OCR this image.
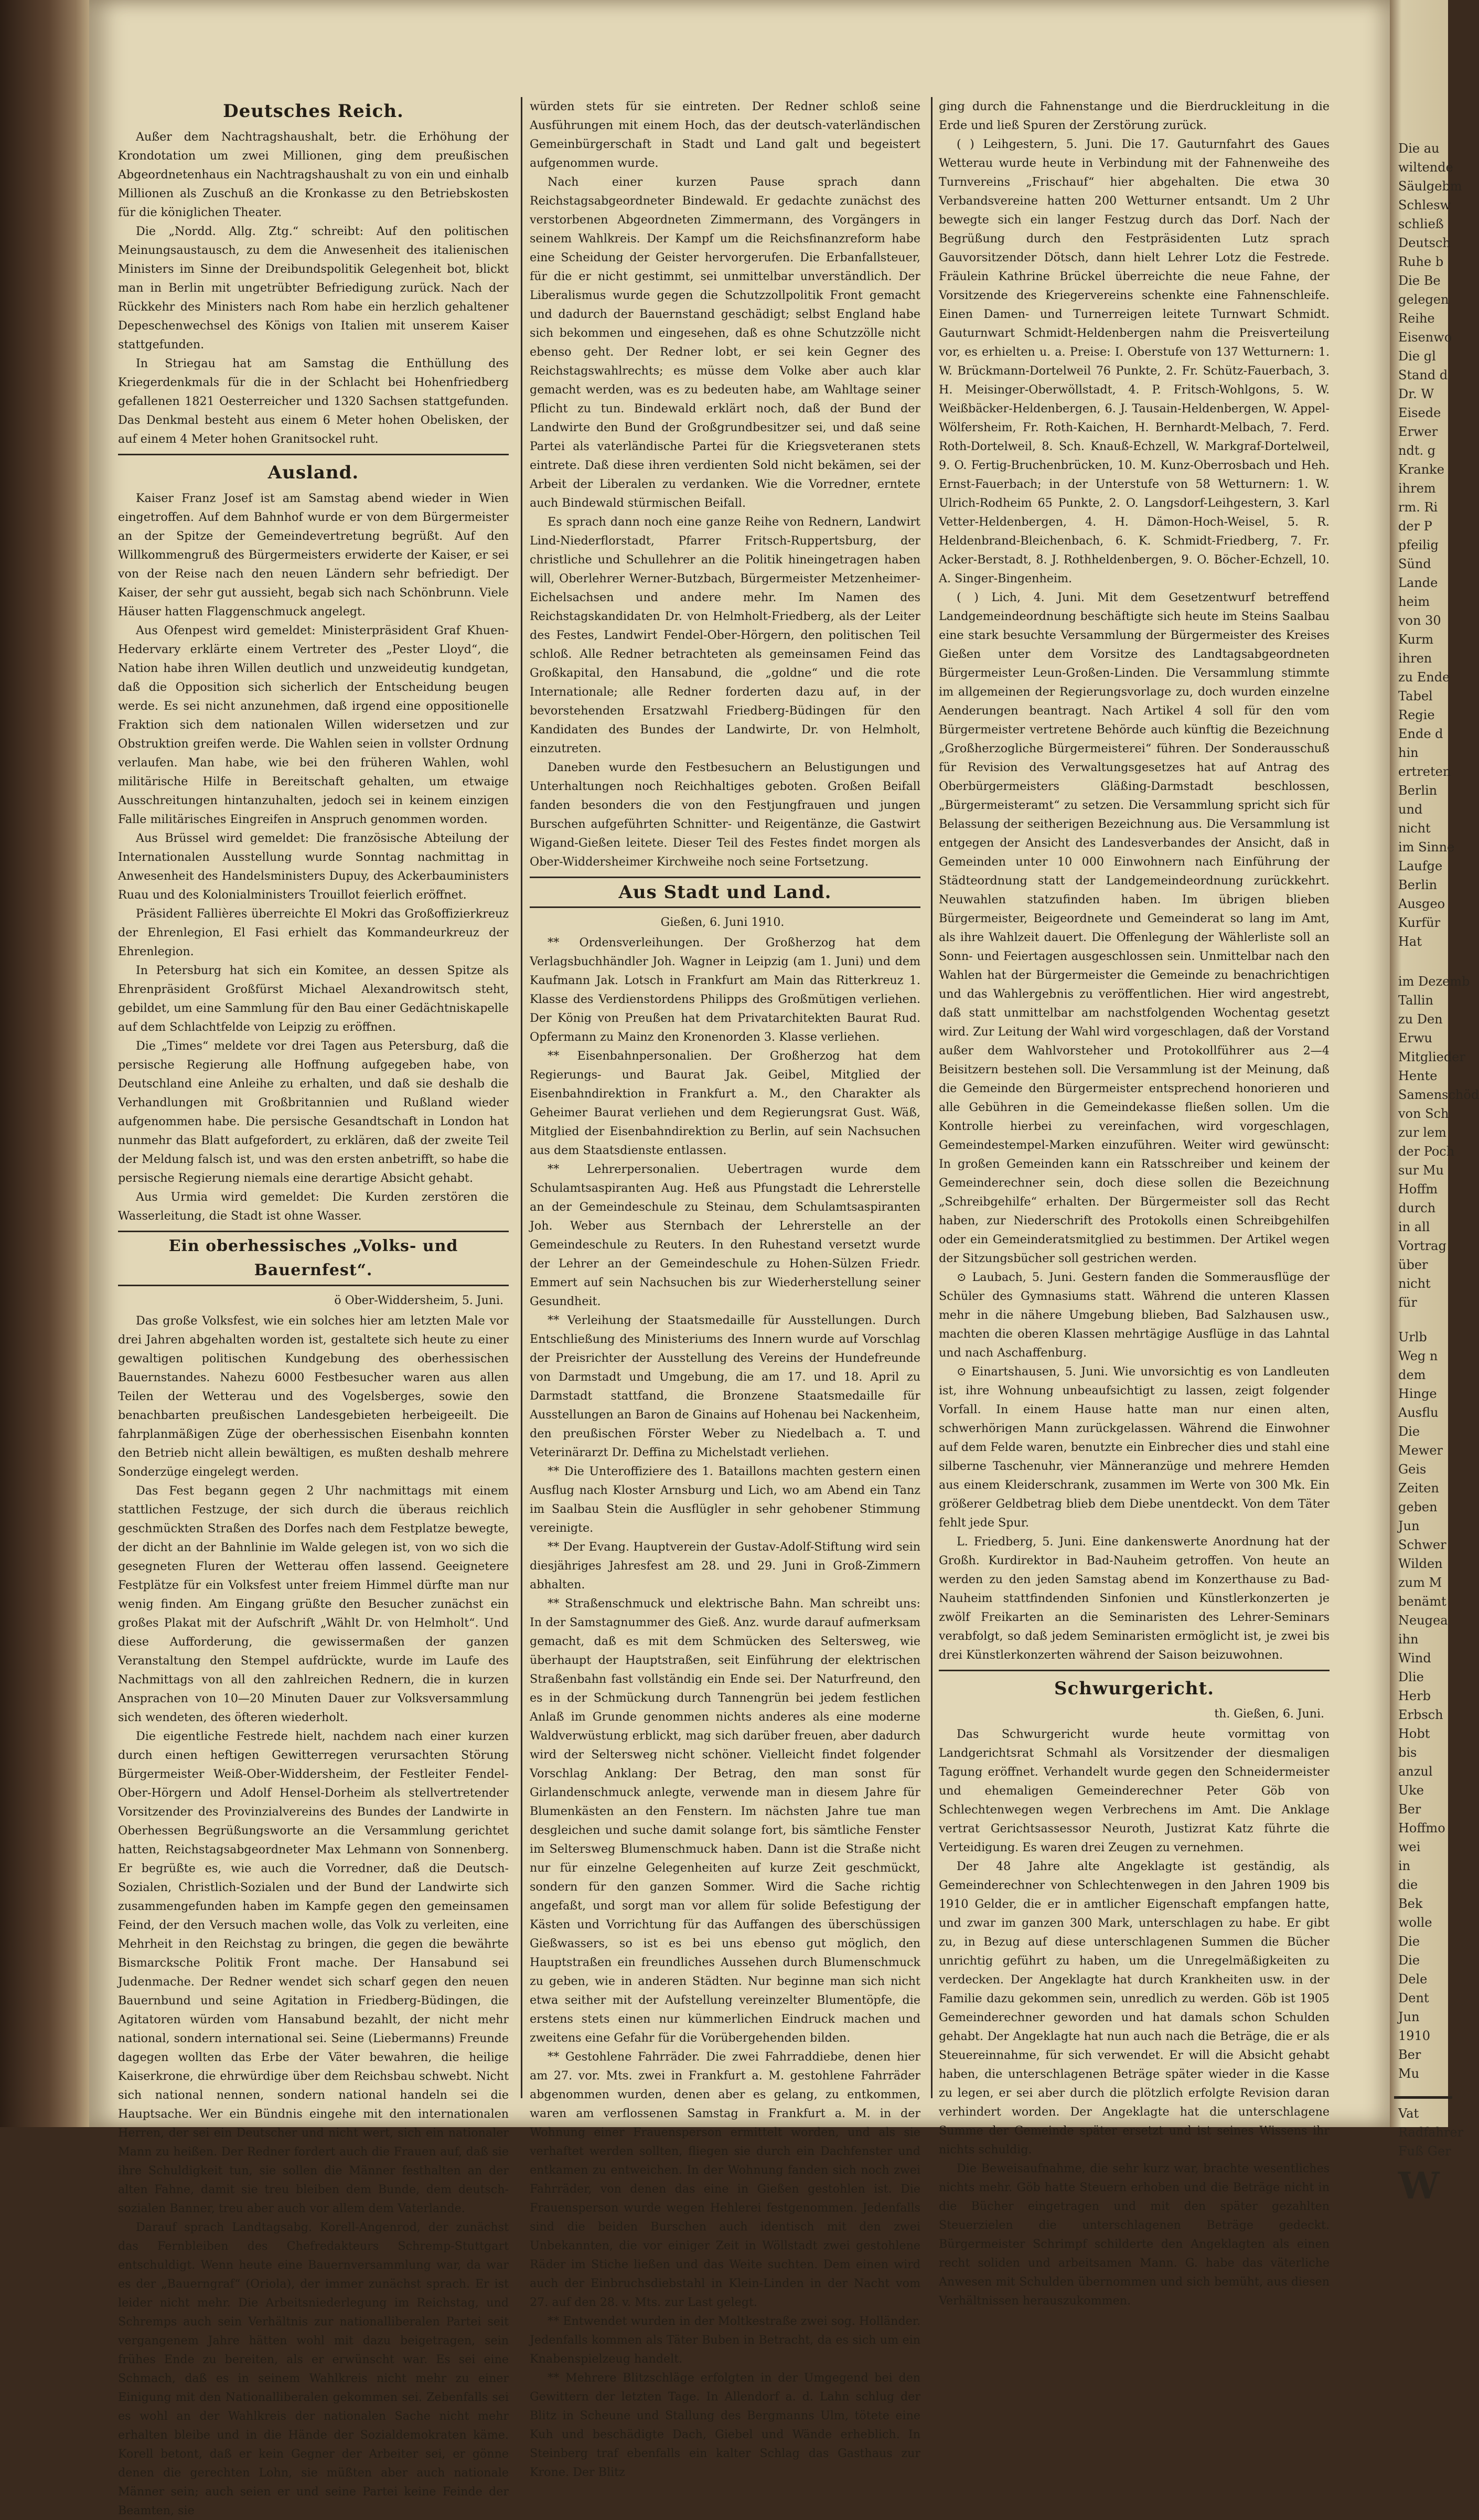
Deutsches Reich.

Außer dem Nachtragshaushalt, betr. die Erhöhung der Krondotation um zwei Millionen, ging dem preußischen Abgeordnetenhaus ein Nachtragshaushalt zu von ein und einhalb Millionen als Zuschuß an die Kronkasse zu den Betriebskosten für die königlichen Theater.

Die „Nordd. Allg. Ztg.“ schreibt: Auf den politischen Meinungsaustausch, zu dem die Anwesenheit des italienischen Ministers im Sinne der Dreibundspolitik Gelegenheit bot, blickt man in Berlin mit ungetrübter Befriedigung zurück. Nach der Rückkehr des Ministers nach Rom habe ein herzlich gehaltener Depeschenwechsel des Königs von Italien mit unserem Kaiser stattgefunden.

In Striegau hat am Samstag die Enthüllung des Kriegerdenkmals für die in der Schlacht bei Hohenfriedberg gefallenen 1821 Oesterreicher und 1320 Sachsen stattgefunden. Das Denkmal besteht aus einem 6 Meter hohen Obelisken, der auf einem 4 Meter hohen Granitsockel ruht.

Ausland.

Kaiser Franz Josef ist am Samstag abend wieder in Wien eingetroffen. Auf dem Bahnhof wurde er von dem Bürgermeister an der Spitze der Gemeindevertretung begrüßt. Auf den Willkommengruß des Bürgermeisters erwiderte der Kaiser, er sei von der Reise nach den neuen Ländern sehr befriedigt. Der Kaiser, der sehr gut aussieht, begab sich nach Schönbrunn. Viele Häuser hatten Flaggenschmuck angelegt.

Aus Ofenpest wird gemeldet: Ministerpräsident Graf Khuen-Hedervary erklärte einem Vertreter des „Pester Lloyd“, die Nation habe ihren Willen deutlich und unzweideutig kundgetan, daß die Opposition sich sicherlich der Entscheidung beugen werde. Es sei nicht anzunehmen, daß irgend eine oppositionelle Fraktion sich dem nationalen Willen widersetzen und zur Obstruktion greifen werde. Die Wahlen seien in vollster Ordnung verlaufen. Man habe, wie bei den früheren Wahlen, wohl militärische Hilfe in Bereitschaft gehalten, um etwaige Ausschreitungen hintanzuhalten, jedoch sei in keinem einzigen Falle militärisches Eingreifen in Anspruch genommen worden.

Aus Brüssel wird gemeldet: Die französische Abteilung der Internationalen Ausstellung wurde Sonntag nachmittag in Anwesenheit des Handelsministers Dupuy, des Ackerbauministers Ruau und des Kolonialministers Trouillot feierlich eröffnet.

Präsident Fallières überreichte El Mokri das Großoffizierkreuz der Ehrenlegion, El Fasi erhielt das Kommandeurkreuz der Ehrenlegion.

In Petersburg hat sich ein Komitee, an dessen Spitze als Ehrenpräsident Großfürst Michael Alexandrowitsch steht, gebildet, um eine Sammlung für den Bau einer Gedächtniskapelle auf dem Schlachtfelde von Leipzig zu eröffnen.

Die „Times“ meldete vor drei Tagen aus Petersburg, daß die persische Regierung alle Hoffnung aufgegeben habe, von Deutschland eine Anleihe zu erhalten, und daß sie deshalb die Verhandlungen mit Großbritannien und Rußland wieder aufgenommen habe. Die persische Gesandtschaft in London hat nunmehr das Blatt aufgefordert, zu erklären, daß der zweite Teil der Meldung falsch ist, und was den ersten anbetrifft, so habe die persische Regierung niemals eine derartige Absicht gehabt.

Aus Urmia wird gemeldet: Die Kurden zerstören die Wasserleitung, die Stadt ist ohne Wasser.

Ein oberhessisches „Volks- und Bauernfest“.
ö Ober-Widdersheim, 5. Juni.

Das große Volksfest, wie ein solches hier am letzten Male vor drei Jahren abgehalten worden ist, gestaltete sich heute zu einer gewaltigen politischen Kundgebung des oberhessischen Bauernstandes. Nahezu 6000 Festbesucher waren aus allen Teilen der Wetterau und des Vogelsberges, sowie den benachbarten preußischen Landesgebieten herbeigeeilt. Die fahrplanmäßigen Züge der oberhessischen Eisenbahn konnten den Betrieb nicht allein bewältigen, es mußten deshalb mehrere Sonderzüge eingelegt werden.

Das Fest begann gegen 2 Uhr nachmittags mit einem stattlichen Festzuge, der sich durch die überaus reichlich geschmückten Straßen des Dorfes nach dem Festplatze bewegte, der dicht an der Bahnlinie im Walde gelegen ist, von wo sich die gesegneten Fluren der Wetterau offen lassend. Geeignetere Festplätze für ein Volksfest unter freiem Himmel dürfte man nur wenig finden. Am Eingang grüßte den Besucher zunächst ein großes Plakat mit der Aufschrift „Wählt Dr. von Helmholt“. Und diese Aufforderung, die gewissermaßen der ganzen Veranstaltung den Stempel aufdrückte, wurde im Laufe des Nachmittags von all den zahlreichen Rednern, die in kurzen Ansprachen von 10—20 Minuten Dauer zur Volksversammlung sich wendeten, des öfteren wiederholt.

Die eigentliche Festrede hielt, nachdem nach einer kurzen durch einen heftigen Gewitterregen verursachten Störung Bürgermeister Weiß-Ober-Widdersheim, der Festleiter Fendel-Ober-Hörgern und Adolf Hensel-Dorheim als stellvertretender Vorsitzender des Provinzialvereins des Bundes der Landwirte in Oberhessen Begrüßungsworte an die Versammlung gerichtet hatten, Reichstagsabgeordneter Max Lehmann von Sonnenberg. Er begrüßte es, wie auch die Vorredner, daß die Deutsch-Sozialen, Christlich-Sozialen und der Bund der Landwirte sich zusammengefunden haben im Kampfe gegen den gemeinsamen Feind, der den Versuch machen wolle, das Volk zu verleiten, eine Mehrheit in den Reichstag zu bringen, die gegen die bewährte Bismarcksche Politik Front mache. Der Hansabund sei Judenmache. Der Redner wendet sich scharf gegen den neuen Bauernbund und seine Agitation in Friedberg-Büdingen, die Agitatoren würden vom Hansabund bezahlt, der nicht mehr national, sondern international sei. Seine (Liebermanns) Freunde dagegen wollten das Erbe der Väter bewahren, die heilige Kaiserkrone, die ehrwürdige über dem Reichsbau schwebt. Nicht sich national nennen, sondern national handeln sei die Hauptsache. Wer ein Bündnis eingehe mit den internationalen Herren, der sei ein Deutscher und nicht wert, sich ein nationaler Mann zu heißen. Der Redner fordert auch die Frauen auf, daß sie ihre Schuldigkeit tun, sie sollen die Männer festhalten an der alten Fahne, damit sie treu bleiben dem Bunde, dem deutsch-sozialen Banner, treu aber auch vor allem dem Vaterlande.

Darauf sprach Landtagsabg. Korell-Angenrod, der zunächst das Fernbleiben des Chefredakteurs Schremp-Stuttgart entschuldigt. Wenn heute eine Bauernversammlung war, da war es der „Bauerngraf“ (Oriola), der immer zunächst sprach. Er ist leider nicht mehr. Die Arbeitsniederlegung im Reichstag, und Schremps auch sein Verhältnis zur nationalliberalen Partei seit vergangenem Jahre hätten wohl mit dazu beigetragen, sein frühes Ende zu bereiten, als er erwünscht war. Es sei eine Schmach, daß es in seinem Wahlkreis nicht mehr zu einer Einigung mit den Nationalliberalen gekommen sei. Zebenfalls sei es wohl an der Wahlkreis der nationalen Sache nicht mehr erhalten bleibe und in die Hände der Sozialdemokraten käme. Korell betont, daß er kein Gegner der Arbeiter sei, er gönne denen die gerechten Lohn, sie müßten aber auch nationale Männer sein; auch seien er und seine Partei keine Feinde der Beamten, sie

würden stets für sie eintreten. Der Redner schloß seine Ausführungen mit einem Hoch, das der deutsch-vaterländischen Gemeinbürgerschaft in Stadt und Land galt und begeistert aufgenommen wurde.

Nach einer kurzen Pause sprach dann Reichstagsabgeordneter Bindewald. Er gedachte zunächst des verstorbenen Abgeordneten Zimmermann, des Vorgängers in seinem Wahlkreis. Der Kampf um die Reichsfinanzreform habe eine Scheidung der Geister hervorgerufen. Die Erbanfallsteuer, für die er nicht gestimmt, sei unmittelbar unverständlich. Der Liberalismus wurde gegen die Schutzzollpolitik Front gemacht und dadurch der Bauernstand geschädigt; selbst England habe sich bekommen und eingesehen, daß es ohne Schutzzölle nicht ebenso geht. Der Redner lobt, er sei kein Gegner des Reichstagswahlrechts; es müsse dem Volke aber auch klar gemacht werden, was es zu bedeuten habe, am Wahltage seiner Pflicht zu tun. Bindewald erklärt noch, daß der Bund der Landwirte den Bund der Großgrundbesitzer sei, und daß seine Partei als vaterländische Partei für die Kriegsveteranen stets eintrete. Daß diese ihren verdienten Sold nicht bekämen, sei der Arbeit der Liberalen zu verdanken. Wie die Vorredner, erntete auch Bindewald stürmischen Beifall.

Es sprach dann noch eine ganze Reihe von Rednern, Landwirt Lind-Niederflorstadt, Pfarrer Fritsch-Ruppertsburg, der christliche und Schullehrer an die Politik hineingetragen haben will, Oberlehrer Werner-Butzbach, Bürgermeister Metzenheimer-Eichelsachsen und andere mehr. Im Namen des Reichstagskandidaten Dr. von Helmholt-Friedberg, als der Leiter des Festes, Landwirt Fendel-Ober-Hörgern, den politischen Teil schloß. Alle Redner betrachteten als gemeinsamen Feind das Großkapital, den Hansabund, die „goldne“ und die rote Internationale; alle Redner forderten dazu auf, in der bevorstehenden Ersatzwahl Friedberg-Büdingen für den Kandidaten des Bundes der Landwirte, Dr. von Helmholt, einzutreten.

Daneben wurde den Festbesuchern an Belustigungen und Unterhaltungen noch Reichhaltiges geboten. Großen Beifall fanden besonders die von den Festjungfrauen und jungen Burschen aufgeführten Schnitter- und Reigentänze, die Gastwirt Wigand-Gießen leitete. Dieser Teil des Festes findet morgen als Ober-Widdersheimer Kirchweihe noch seine Fortsetzung.

Aus Stadt und Land.
Gießen, 6. Juni 1910.

** Ordensverleihungen. Der Großherzog hat dem Verlagsbuchhändler Joh. Wagner in Leipzig (am 1. Juni) und dem Kaufmann Jak. Lotsch in Frankfurt am Main das Ritterkreuz 1. Klasse des Verdienstordens Philipps des Großmütigen verliehen. Der König von Preußen hat dem Privatarchitekten Baurat Rud. Opfermann zu Mainz den Kronenorden 3. Klasse verliehen.

** Eisenbahnpersonalien. Der Großherzog hat dem Regierungs- und Baurat Jak. Geibel, Mitglied der Eisenbahndirektion in Frankfurt a. M., den Charakter als Geheimer Baurat verliehen und dem Regierungsrat Gust. Wäß, Mitglied der Eisenbahndirektion zu Berlin, auf sein Nachsuchen aus dem Staatsdienste entlassen.

** Lehrerpersonalien. Uebertragen wurde dem Schulamtsaspiranten Aug. Heß aus Pfungstadt die Lehrerstelle an der Gemeindeschule zu Steinau, dem Schulamtsaspiranten Joh. Weber aus Sternbach der Lehrerstelle an der Gemeindeschule zu Reuters. In den Ruhestand versetzt wurde der Lehrer an der Gemeindeschule zu Hohen-Sülzen Friedr. Emmert auf sein Nachsuchen bis zur Wiederherstellung seiner Gesundheit.

** Verleihung der Staatsmedaille für Ausstellungen. Durch Entschließung des Ministeriums des Innern wurde auf Vorschlag der Preisrichter der Ausstellung des Vereins der Hundefreunde von Darmstadt und Umgebung, die am 17. und 18. April zu Darmstadt stattfand, die Bronzene Staatsmedaille für Ausstellungen an Baron de Ginains auf Hohenau bei Nackenheim, den preußischen Förster Weber zu Niedelbach a. T. und Veterinärarzt Dr. Deffina zu Michelstadt verliehen.

** Die Unteroffiziere des 1. Bataillons machten gestern einen Ausflug nach Kloster Arnsburg und Lich, wo am Abend ein Tanz im Saalbau Stein die Ausflügler in sehr gehobener Stimmung vereinigte.

** Der Evang. Hauptverein der Gustav-Adolf-Stiftung wird sein diesjähriges Jahresfest am 28. und 29. Juni in Groß-Zimmern abhalten.

** Straßenschmuck und elektrische Bahn. Man schreibt uns: In der Samstagnummer des Gieß. Anz. wurde darauf aufmerksam gemacht, daß es mit dem Schmücken des Seltersweg, wie überhaupt der Hauptstraßen, seit Einführung der elektrischen Straßenbahn fast vollständig ein Ende sei. Der Naturfreund, den es in der Schmückung durch Tannengrün bei jedem festlichen Anlaß im Grunde genommen nichts anderes als eine moderne Waldverwüstung erblickt, mag sich darüber freuen, aber dadurch wird der Seltersweg nicht schöner. Vielleicht findet folgender Vorschlag Anklang: Der Betrag, den man sonst für Girlandenschmuck anlegte, verwende man in diesem Jahre für Blumenkästen an den Fenstern. Im nächsten Jahre tue man desgleichen und suche damit solange fort, bis sämtliche Fenster im Seltersweg Blumenschmuck haben. Dann ist die Straße nicht nur für einzelne Gelegenheiten auf kurze Zeit geschmückt, sondern für den ganzen Sommer. Wird die Sache richtig angefaßt, und sorgt man vor allem für solide Befestigung der Kästen und Vorrichtung für das Auffangen des überschüssigen Gießwassers, so ist es bei uns ebenso gut möglich, den Hauptstraßen ein freundliches Aussehen durch Blumenschmuck zu geben, wie in anderen Städten. Nur beginne man sich nicht etwa seither mit der Aufstellung vereinzelter Blumentöpfe, die erstens stets einen nur kümmerlichen Eindruck machen und zweitens eine Gefahr für die Vorübergehenden bilden.

** Gestohlene Fahrräder. Die zwei Fahrraddiebe, denen hier am 27. vor. Mts. zwei in Frankfurt a. M. gestohlene Fahrräder abgenommen wurden, denen aber es gelang, zu entkommen, waren am verflossenen Samstag in Frankfurt a. M. in der Wohnung einer Frauensperson ermittelt worden, und als sie verhaftet werden sollten, fliegen sie durch ein Dachfenster und entkamen zu entweichen. In der Wohnung fanden sich noch zwei Fahrräder, von denen das eine in Gießen gestohlen ist. Die Frauensperson wurde wegen Hehlerei festgenommen. Jedenfalls sind die beiden Burschen auch identisch mit den zwei Unbekannten, die vor einiger Zeit in Wöllstadt zwei gestohlene Räder im Stiche ließen und das Weite suchten. Dem einen wird auch der Einbruchsdiebstahl in Klein-Linden in der Nacht vom 27. auf den 28. v. Mts. zur Last gelegt.

** Entwendet wurden in der Moltkestraße zwei sog. Holländer. Jedenfalls kommen als Täter Buben in Betracht, da es sich um ein Knabenspielzeug handelt.

** Mehrere Blitzschläge erfolgten in der Umgegend bei den Gewittern der letzten Tage. In Allendorf a. d. Lahn schlug der Blitz in Scheune und Stallung des Bergmanns Ulm, tötete eine Kuh und beschädigte Dach, Giebel und Wände erheblich. In Steinberg traf ebenfalls ein kalter Schlag das Gasthaus zur Krone. Der Blitz

ging durch die Fahnenstange und die Bierdruckleitung in die Erde und ließ Spuren der Zerstörung zurück.

( ) Leihgestern, 5. Juni. Die 17. Gauturnfahrt des Gaues Wetterau wurde heute in Verbindung mit der Fahnenweihe des Turnvereins „Frischauf“ hier abgehalten. Die etwa 30 Verbandsvereine hatten 200 Wetturner entsandt. Um 2 Uhr bewegte sich ein langer Festzug durch das Dorf. Nach der Begrüßung durch den Festpräsidenten Lutz sprach Gauvorsitzender Dötsch, dann hielt Lehrer Lotz die Festrede. Fräulein Kathrine Brückel überreichte die neue Fahne, der Vorsitzende des Kriegervereins schenkte eine Fahnenschleife. Einen Damen- und Turnerreigen leitete Turnwart Schmidt. Gauturnwart Schmidt-Heldenbergen nahm die Preisverteilung vor, es erhielten u. a. Preise: I. Oberstufe von 137 Wetturnern: 1. W. Brückmann-Dortelweil 76 Punkte, 2. Fr. Schütz-Fauerbach, 3. H. Meisinger-Oberwöllstadt, 4. P. Fritsch-Wohlgons, 5. W. Weißbäcker-Heldenbergen, 6. J. Tausain-Heldenbergen, W. Appel-Wölfersheim, Fr. Roth-Kaichen, H. Bernhardt-Melbach, 7. Ferd. Roth-Dortelweil, 8. Sch. Knauß-Echzell, W. Markgraf-Dortelweil, 9. O. Fertig-Bruchenbrücken, 10. M. Kunz-Oberrosbach und Heh. Ernst-Fauerbach; in der Unterstufe von 58 Wetturnern: 1. W. Ulrich-Rodheim 65 Punkte, 2. O. Langsdorf-Leihgestern, 3. Karl Vetter-Heldenbergen, 4. H. Dämon-Hoch-Weisel, 5. R. Heldenbrand-Bleichenbach, 6. K. Schmidt-Friedberg, 7. Fr. Acker-Berstadt, 8. J. Rothheldenbergen, 9. O. Böcher-Echzell, 10. A. Singer-Bingenheim.

( ) Lich, 4. Juni. Mit dem Gesetzentwurf betreffend Landgemeindeordnung beschäftigte sich heute im Steins Saalbau eine stark besuchte Versammlung der Bürgermeister des Kreises Gießen unter dem Vorsitze des Landtagsabgeordneten Bürgermeister Leun-Großen-Linden. Die Versammlung stimmte im allgemeinen der Regierungsvorlage zu, doch wurden einzelne Aenderungen beantragt. Nach Artikel 4 soll für den vom Bürgermeister vertretene Behörde auch künftig die Bezeichnung „Großherzogliche Bürgermeisterei“ führen. Der Sonderausschuß für Revision des Verwaltungsgesetzes hat auf Antrag des Oberbürgermeisters Gläßing-Darmstadt beschlossen, „Bürgermeisteramt“ zu setzen. Die Versammlung spricht sich für Belassung der seitherigen Bezeichnung aus. Die Versammlung ist entgegen der Ansicht des Landesverbandes der Ansicht, daß in Gemeinden unter 10 000 Einwohnern nach Einführung der Städteordnung statt der Landgemeindeordnung zurückkehrt. Neuwahlen statzufinden haben. Im übrigen blieben Bürgermeister, Beigeordnete und Gemeinderat so lang im Amt, als ihre Wahlzeit dauert. Die Offenlegung der Wählerliste soll an Sonn- und Feiertagen ausgeschlossen sein. Unmittelbar nach den Wahlen hat der Bürgermeister die Gemeinde zu benachrichtigen und das Wahlergebnis zu veröffentlichen. Hier wird angestrebt, daß statt unmittelbar am nachstfolgenden Wochentag gesetzt wird. Zur Leitung der Wahl wird vorgeschlagen, daß der Vorstand außer dem Wahlvorsteher und Protokollführer aus 2—4 Beisitzern bestehen soll. Die Versammlung ist der Meinung, daß die Gemeinde den Bürgermeister entsprechend honorieren und alle Gebühren in die Gemeindekasse fließen sollen. Um die Kontrolle hierbei zu vereinfachen, wird vorgeschlagen, Gemeindestempel-Marken einzuführen. Weiter wird gewünscht: In großen Gemeinden kann ein Ratsschreiber und keinem der Gemeinderechner sein, doch diese sollen die Bezeichnung „Schreibgehilfe“ erhalten. Der Bürgermeister soll das Recht haben, zur Niederschrift des Protokolls einen Schreibgehilfen oder ein Gemeinderatsmitglied zu bestimmen. Der Artikel wegen der Sitzungsbücher soll gestrichen werden.

⊙ Laubach, 5. Juni. Gestern fanden die Sommerausflüge der Schüler des Gymnasiums statt. Während die unteren Klassen mehr in die nähere Umgebung blieben, Bad Salzhausen usw., machten die oberen Klassen mehrtägige Ausflüge in das Lahntal und nach Aschaffenburg.

⊙ Einartshausen, 5. Juni. Wie unvorsichtig es von Landleuten ist, ihre Wohnung unbeaufsichtigt zu lassen, zeigt folgender Vorfall. In einem Hause hatte man nur einen alten, schwerhörigen Mann zurückgelassen. Während die Einwohner auf dem Felde waren, benutzte ein Einbrecher dies und stahl eine silberne Taschenuhr, vier Männeranzüge und mehrere Hemden aus einem Kleiderschrank, zusammen im Werte von 300 Mk. Ein größerer Geldbetrag blieb dem Diebe unentdeckt. Von dem Täter fehlt jede Spur.

L. Friedberg, 5. Juni. Eine dankenswerte Anordnung hat der Großh. Kurdirektor in Bad-Nauheim getroffen. Von heute an werden zu den jeden Samstag abend im Konzerthause zu Bad-Nauheim stattfindenden Sinfonien und Künstlerkonzerten je zwölf Freikarten an die Seminaristen des Lehrer-Seminars verabfolgt, so daß jedem Seminaristen ermöglicht ist, je zwei bis drei Künstlerkonzerten während der Saison beizuwohnen.

Schwurgericht.
th. Gießen, 6. Juni.

Das Schwurgericht wurde heute vormittag von Landgerichtsrat Schmahl als Vorsitzender der diesmaligen Tagung eröffnet. Verhandelt wurde gegen den Schneidermeister und ehemaligen Gemeinderechner Peter Göb von Schlechtenwegen wegen Verbrechens im Amt. Die Anklage vertrat Gerichtsassessor Neuroth, Justizrat Katz führte die Verteidigung. Es waren drei Zeugen zu vernehmen.

Der 48 Jahre alte Angeklagte ist geständig, als Gemeinderechner von Schlechtenwegen in den Jahren 1909 bis 1910 Gelder, die er in amtlicher Eigenschaft empfangen hatte, und zwar im ganzen 300 Mark, unterschlagen zu habe. Er gibt zu, in Bezug auf diese unterschlagenen Summen die Bücher unrichtig geführt zu haben, um die Unregelmäßigkeiten zu verdecken. Der Angeklagte hat durch Krankheiten usw. in der Familie dazu gekommen sein, unredlich zu werden. Göb ist 1905 Gemeinderechner geworden und hat damals schon Schulden gehabt. Der Angeklagte hat nun auch nach die Beträge, die er als Steuereinnahme, für sich verwendet. Er will die Absicht gehabt haben, die unterschlagenen Beträge später wieder in die Kasse zu legen, er sei aber durch die plötzlich erfolgte Revision daran verhindert worden. Der Angeklagte hat die unterschlagene Summe der Gemeinde später ersetzt und ist seines Wissens ihr nichts schuldig.

Die Beweisaufnahme, die sehr kurz war, brachte wesentliches nichts mehr. Göb hatte Steuern erhoben und die Beträge nicht in die Bücher eingetragen und mit den später gezahlten Steuerzielen die unterschlagenen Beträge gedeckt. Bürgermeister Schrimpf schilderte den Angeklagten als einen recht soliden und arbeitsamen Mann. G. habe das väterliche Anwesen mit Schulden übernommen und sich bemüht, aus diesen Verhältnissen herauszukommen.

Die au
wiltende
Säulgebm
Schlesw
schließ
Deutsch
Ruhe b
Die Be
gelegen
Reihe
Eisenwo
Die gl
Stand d
Dr. W
Eisede
Erwer
ndt. g
Kranke
ihrem
rm. Ri
der P
pfeilig
Sünd
Lande
heim
von 30
Kurm
ihren
zu Ende
Tabel
Regie
Ende d
hin
ertreten
Berlin
und
nicht
im Sinne
Laufge
Berlin
Ausgeo
Kurfür
Hat
im Dezemb
Tallin
zu Den
Erwu
Mitglieder
Hente
Samenschöd
von Sch
zur lem
der Poch
sur Mu
Hoffm
durch
in all
Vortrag
über
nicht
für
Urlb
Weg n
dem
Hinge
Ausflu
Die
Mewer
Geis
Zeiten
geben
Jun
Schwer
Wilden
zum M
benämt
Neugea
ihn
Wind
Dlie
Herb
Erbsch
Hobt
bis
anzul
Uke
Ber
Hoffmo
wei
in
die
Bek
wolle
Die
Die
Dele
Dent
Jun
1910
Ber
Mu
Vat
Radfahrer
Fuß Ger
W
